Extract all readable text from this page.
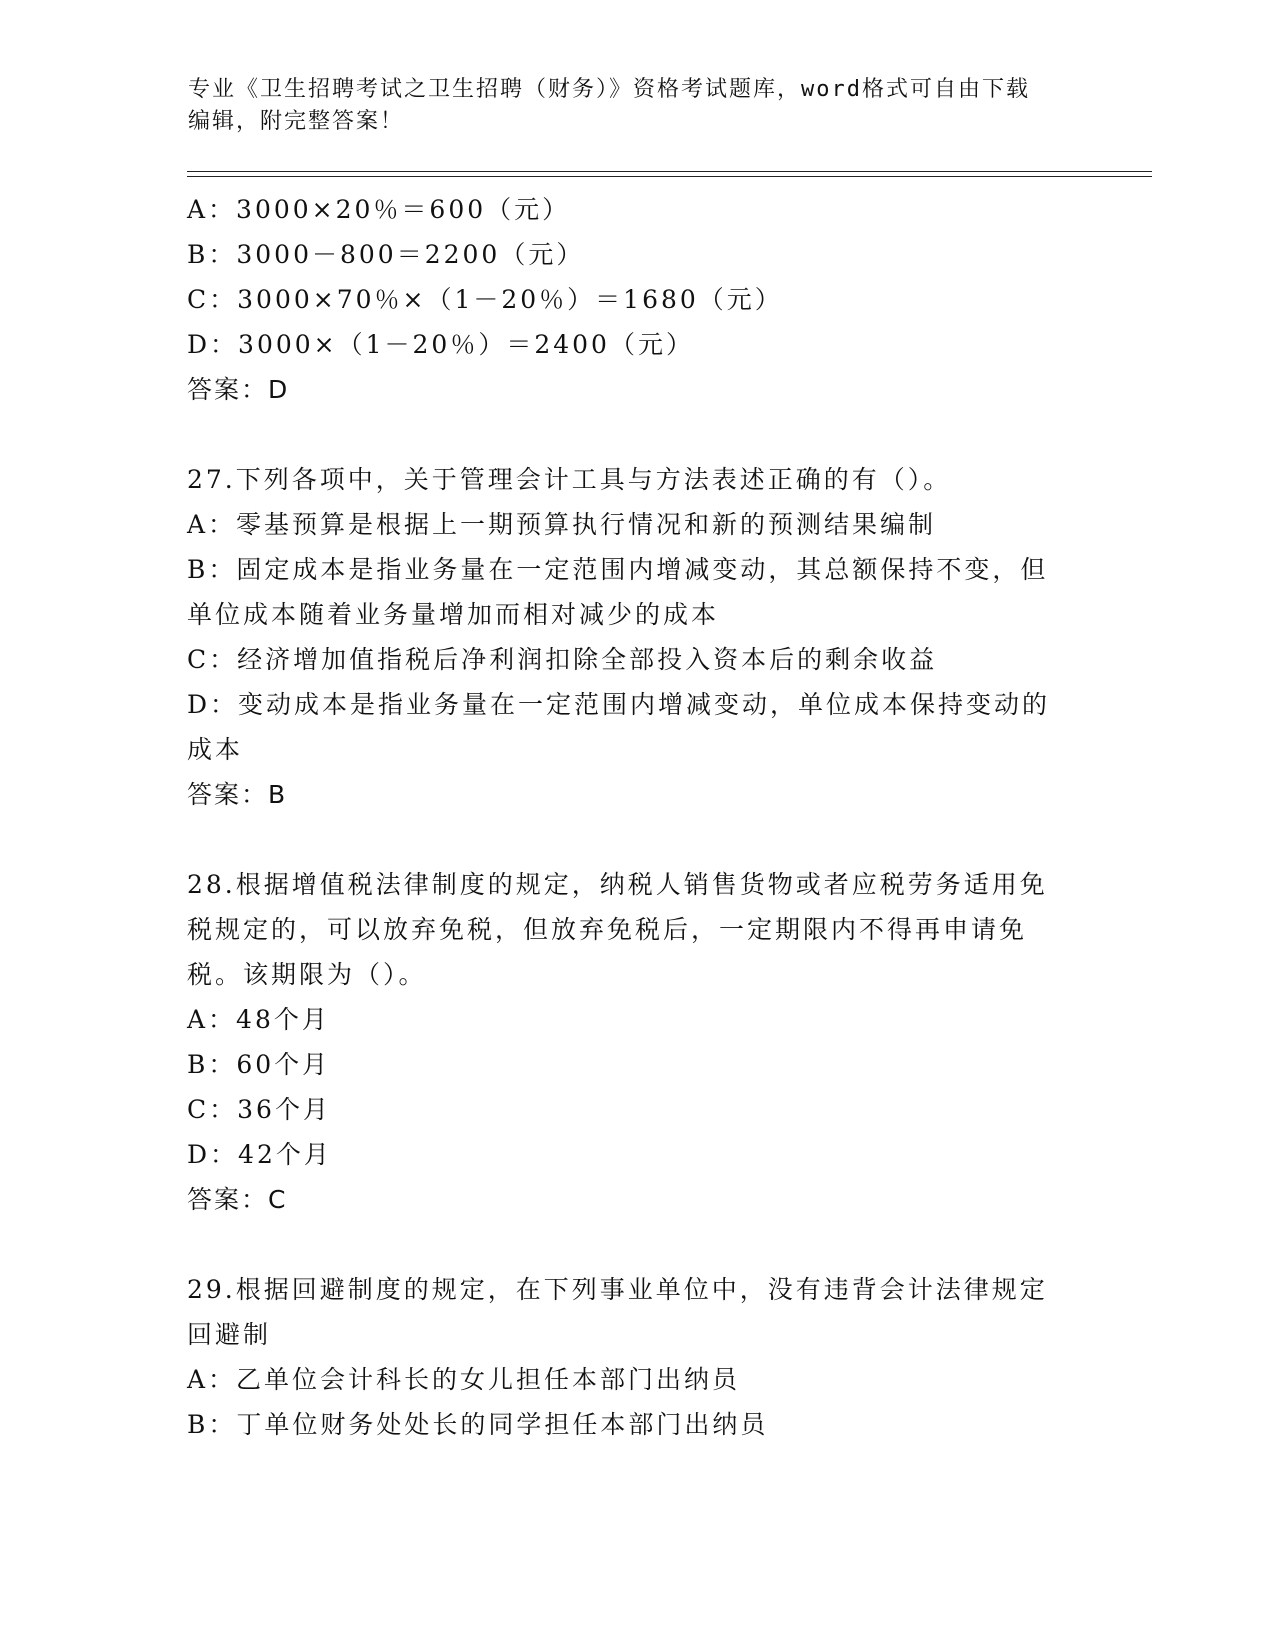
专业《卫生招聘考试之卫生招聘（财务）》资格考试题库，word格式可自由下载
编辑，附完整答案！
A：3000×20％＝600（元）
B：3000－800＝2200（元）
C：3000×70％×（1－20％）＝1680（元）
D：3000×（1－20％）＝2400（元）
答案：D
27.下列各项中，关于管理会计工具与方法表述正确的有（）。
A：零基预算是根据上一期预算执行情况和新的预测结果编制
B：固定成本是指业务量在一定范围内增减变动，其总额保持不变，但
单位成本随着业务量增加而相对减少的成本
C：经济增加值指税后净利润扣除全部投入资本后的剩余收益
D：变动成本是指业务量在一定范围内增减变动，单位成本保持变动的
成本
答案：B
28.根据增值税法律制度的规定，纳税人销售货物或者应税劳务适用免
税规定的，可以放弃免税，但放弃免税后，一定期限内不得再申请免
税。该期限为（）。
A：48个月
B：60个月
C：36个月
D：42个月
答案：C
29.根据回避制度的规定，在下列事业单位中，没有违背会计法律规定
回避制
A：乙单位会计科长的女儿担任本部门出纳员
B：丁单位财务处处长的同学担任本部门出纳员
